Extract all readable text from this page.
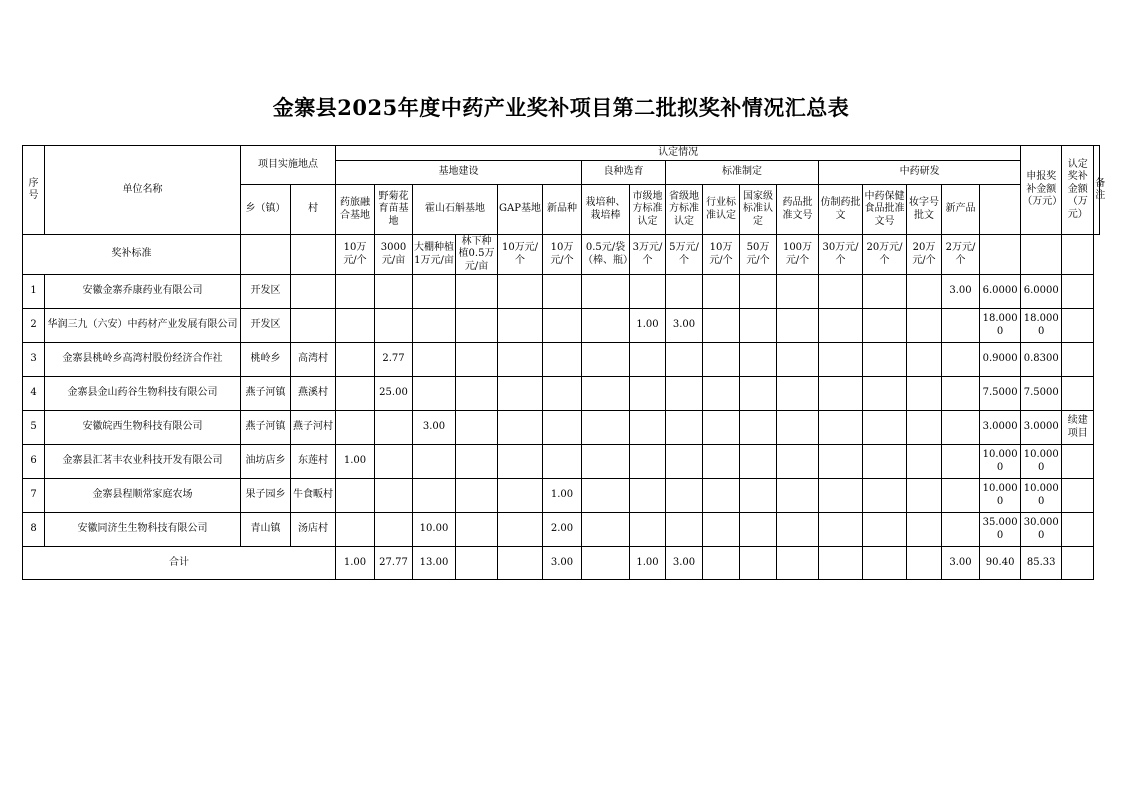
金寨县2025年度中药产业奖补项目第二批拟奖补情况汇总表
序号	单位名称	项目实施地点		认定情况																	申报奖补金额（万元）	认定奖补金额（万元）	备注
				基地建设						良种选育		标准制定				中药研发							
		乡（镇）	村	药旅融合基地	野菊花育苗基地	霍山石斛基地		GAP基地	新品种	栽培种、栽培棒	市级地方标准认定	省级地方标准认定	行业标准认定	国家级标准认定	药品批准文号	仿制药批文	中药保健食品批准文号	妆字号批文	新产品				
奖补标准				10万元/个	3000元/亩	大棚种植1万元/亩	林下种植0.5万元/亩	10万元/个	10万元/个	0.5元/袋（棒、瓶）	3万元/个	5万元/个	10万元/个	50万元/个	100万元/个	30万元/个	20万元/个	20万元/个	2万元/个				
1	安徽金寨乔康药业有限公司	开发区																	3.00	6.0000	6.0000		
2	华润三九（六安）中药材产业发展有限公司	开发区									1.00	3.00								18.0000	18.0000		
3	金寨县桃岭乡高湾村股份经济合作社	桃岭乡	高湾村		2.77															0.9000	0.8300		
4	金寨县金山药谷生物科技有限公司	燕子河镇	燕溪村		25.00															7.5000	7.5000		
5	安徽皖西生物科技有限公司	燕子河镇	燕子河村			3.00														3.0000	3.0000	续建项目	
6	金寨县汇茗丰农业科技开发有限公司	油坊店乡	东莲村	1.00																10.0000	10.0000		
7	金寨县程顺常家庭农场	果子园乡	牛食畈村						1.00											10.0000	10.0000		
8	安徽同济生生物科技有限公司	青山镇	汤店村			10.00			2.00											35.0000	30.0000		
合计				1.00	27.77	13.00			3.00		1.00	3.00							3.00	90.40	85.33		
